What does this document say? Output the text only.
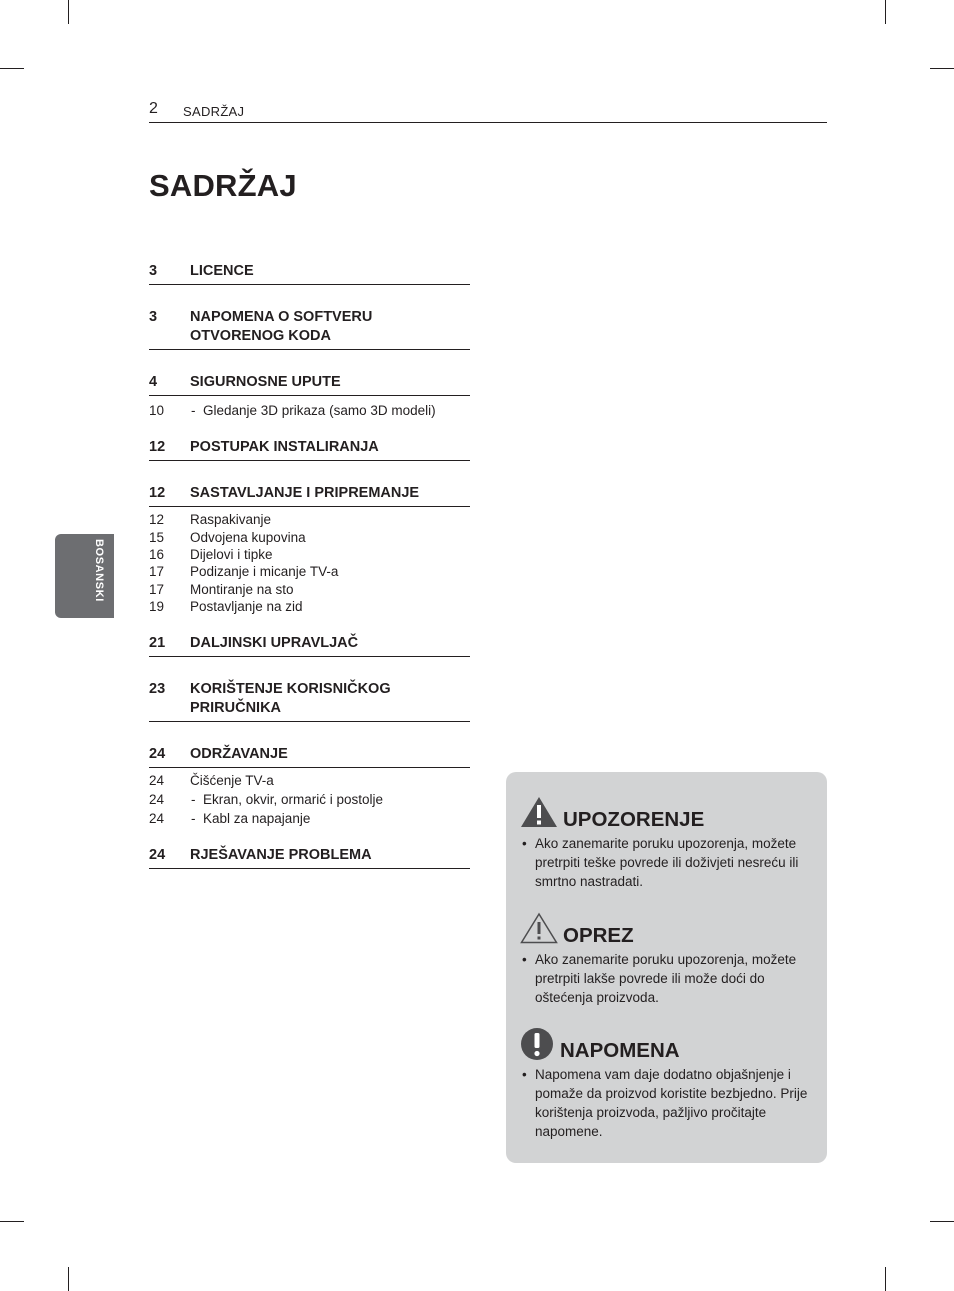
2 SADRŽAJ
SADRŽAJ
BOSANSKI
3 LICENCE
3 NAPOMENA O SOFTVERU OTVORENOG KODA
4 SIGURNOSNE UPUTE
10 - Gledanje 3D prikaza (samo 3D modeli)
12 POSTUPAK INSTALIRANJA
12 SASTAVLJANJE I PRIPREMANJE
12 Raspakivanje
15 Odvojena kupovina
16 Dijelovi i tipke
17 Podizanje i micanje TV-a
17 Montiranje na sto
19 Postavljanje na zid
21 DALJINSKI UPRAVLJAČ
23 KORIŠTENJE KORISNIČKOG PRIRUČNIKA
24 ODRŽAVANJE
24 Čišćenje TV-a
24 - Ekran, okvir, ormarić i postolje
24 - Kabl za napajanje
24 RJEŠAVANJE PROBLEMA
UPOZORENJE
• Ako zanemarite poruku upozorenja, možete pretrpiti teške povrede ili doživjeti nesreću ili smrtno nastradati.
OPREZ
• Ako zanemarite poruku upozorenja, možete pretrpiti lakše povrede ili može doći do oštećenja proizvoda.
NAPOMENA
• Napomena vam daje dodatno objašnjenje i pomaže da proizvod koristite bezbjedno. Prije korištenja proizvoda, pažljivo pročitajte napomene.
